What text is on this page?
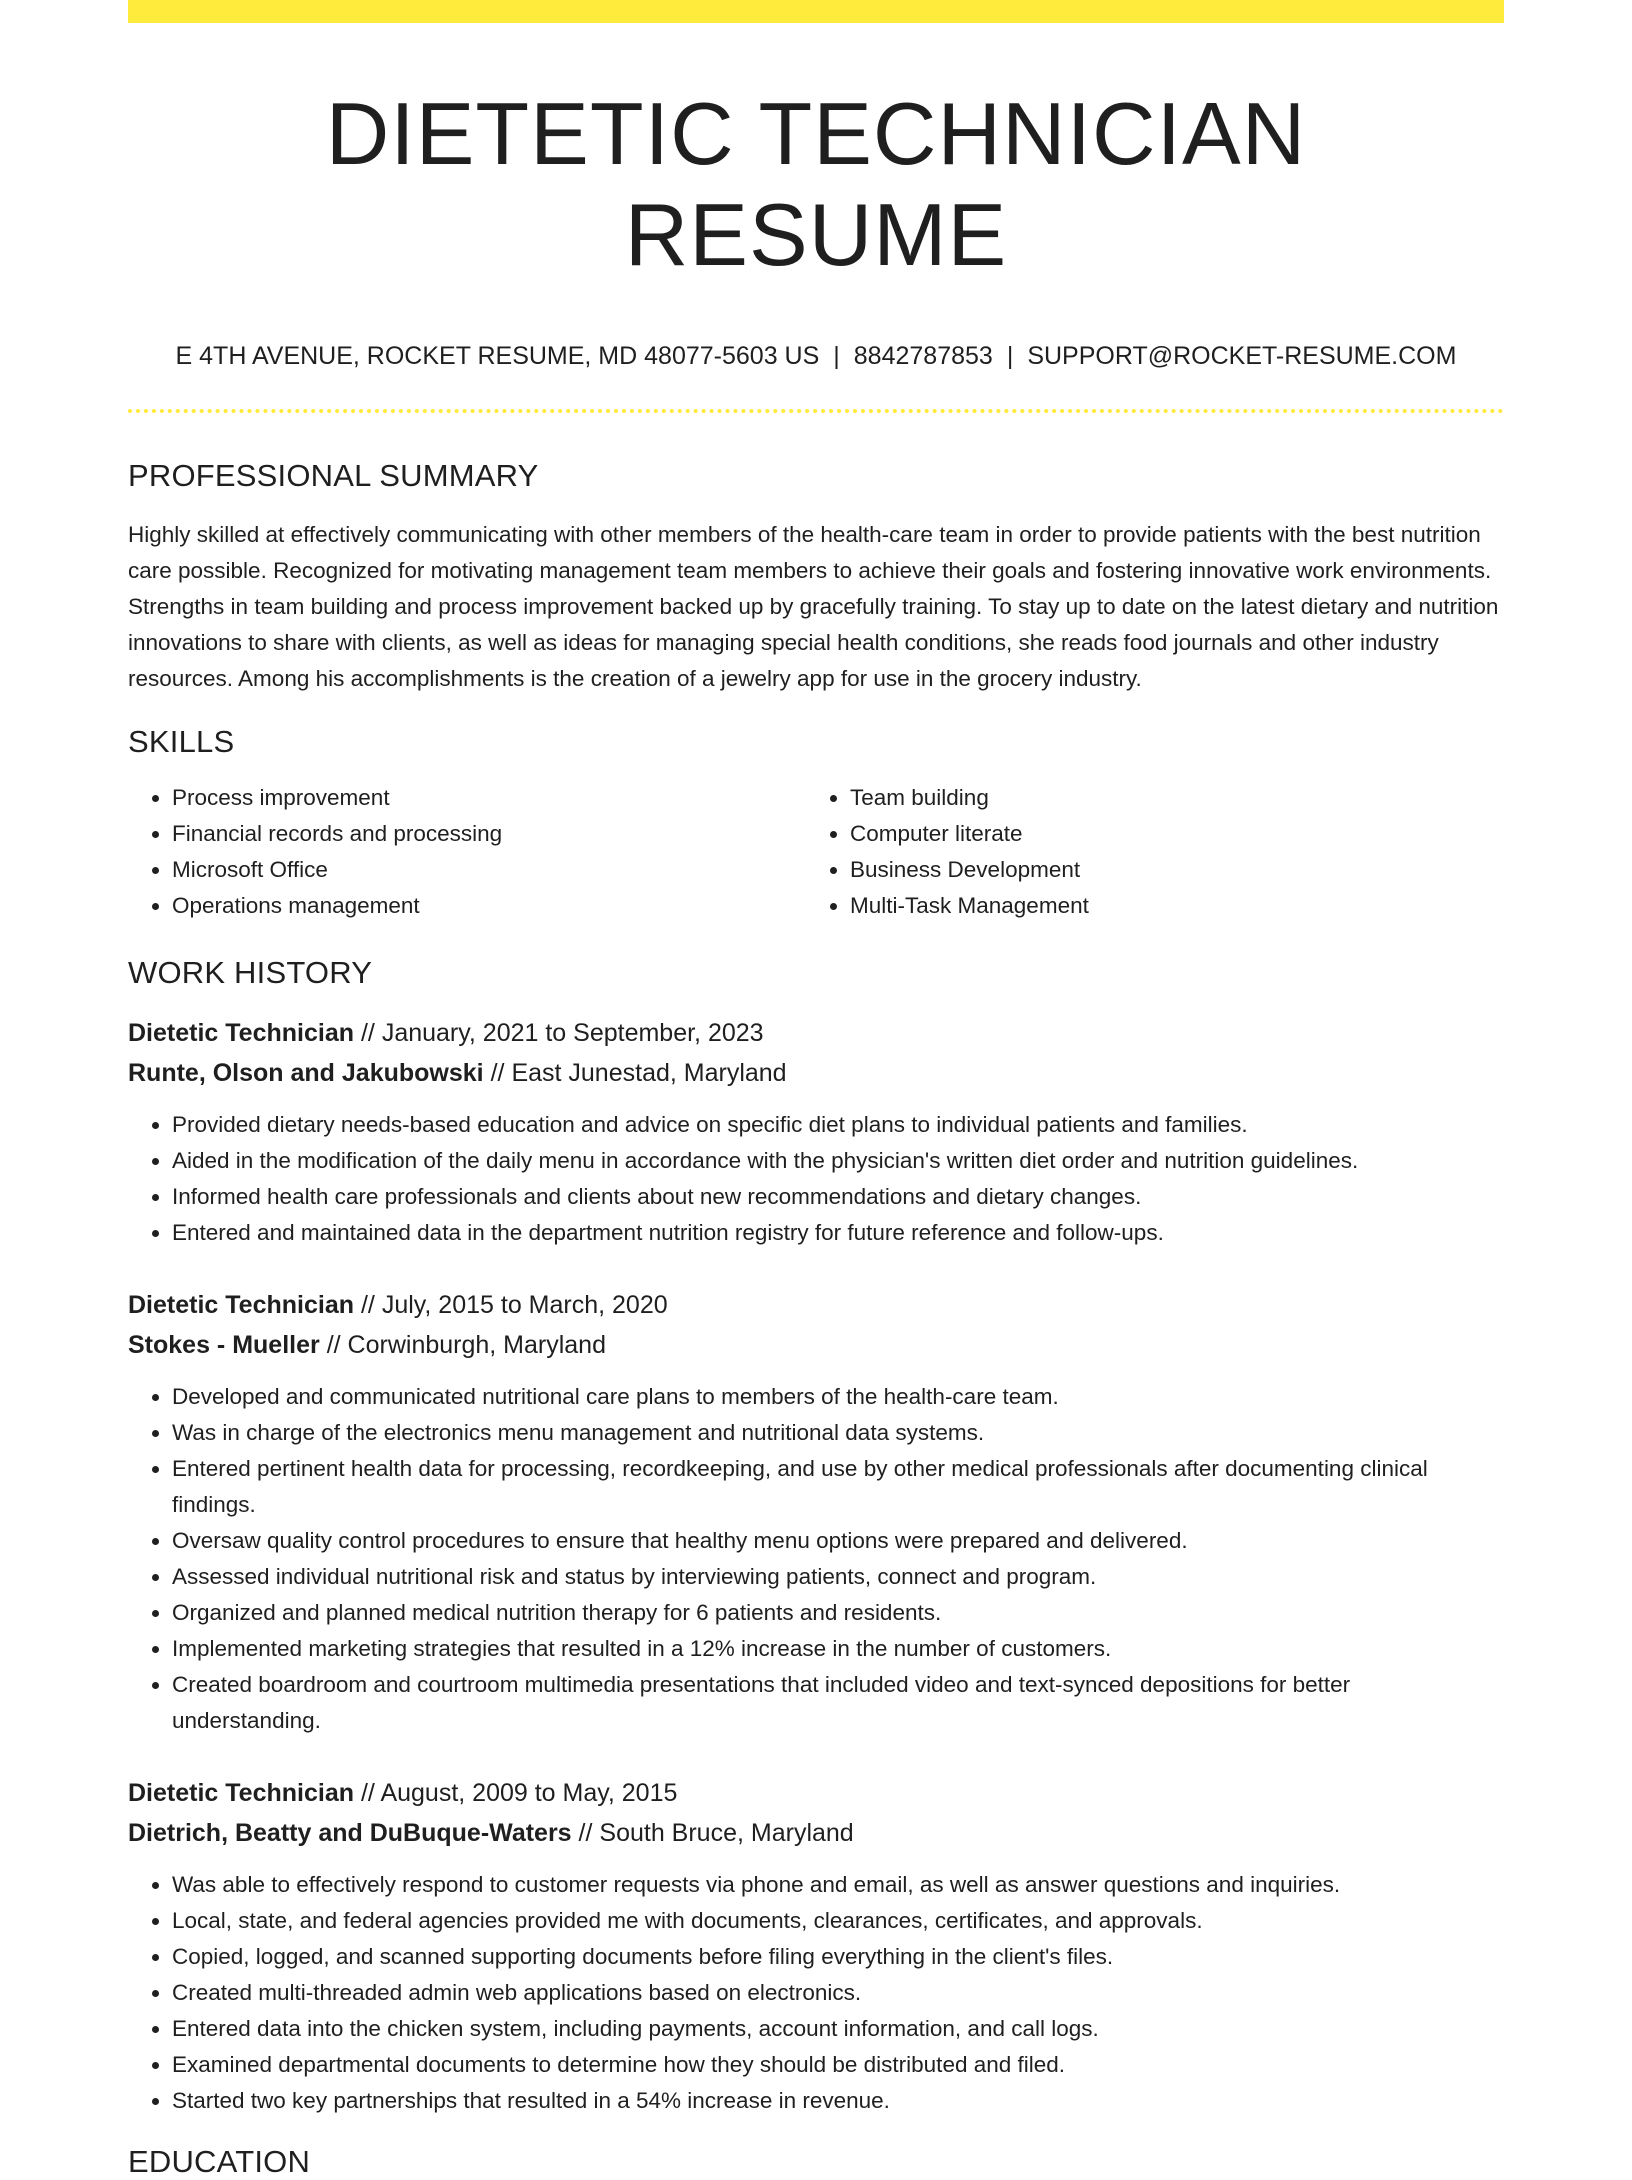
DIETETIC TECHNICIAN RESUME
E 4TH AVENUE, ROCKET RESUME, MD 48077-5603 US | 8842787853 | SUPPORT@ROCKET-RESUME.COM
PROFESSIONAL SUMMARY

Highly skilled at effectively communicating with other members of the health-care team in order to provide patients with the best nutrition care possible. Recognized for motivating management team members to achieve their goals and fostering innovative work environments. Strengths in team building and process improvement backed up by gracefully training. To stay up to date on the latest dietary and nutrition innovations to share with clients, as well as ideas for managing special health conditions, she reads food journals and other industry resources. Among his accomplishments is the creation of a jewelry app for use in the grocery industry.

SKILLS
• Process improvement
• Financial records and processing
• Microsoft Office
• Operations management
• Team building
• Computer literate
• Business Development
• Multi-Task Management
WORK HISTORY
Dietetic Technician // January, 2021 to September, 2023
Runte, Olson and Jakubowski // East Junestad, Maryland
• Provided dietary needs-based education and advice on specific diet plans to individual patients and families.
• Aided in the modification of the daily menu in accordance with the physician's written diet order and nutrition guidelines.
• Informed health care professionals and clients about new recommendations and dietary changes.
• Entered and maintained data in the department nutrition registry for future reference and follow-ups.
Dietetic Technician // July, 2015 to March, 2020
Stokes - Mueller // Corwinburgh, Maryland
• Developed and communicated nutritional care plans to members of the health-care team.
• Was in charge of the electronics menu management and nutritional data systems.
• Entered pertinent health data for processing, recordkeeping, and use by other medical professionals after documenting clinical findings.
• Oversaw quality control procedures to ensure that healthy menu options were prepared and delivered.
• Assessed individual nutritional risk and status by interviewing patients, connect and program.
• Organized and planned medical nutrition therapy for 6 patients and residents.
• Implemented marketing strategies that resulted in a 12% increase in the number of customers.
• Created boardroom and courtroom multimedia presentations that included video and text-synced depositions for better understanding.
Dietetic Technician // August, 2009 to May, 2015
Dietrich, Beatty and DuBuque-Waters // South Bruce, Maryland
• Was able to effectively respond to customer requests via phone and email, as well as answer questions and inquiries.
• Local, state, and federal agencies provided me with documents, clearances, certificates, and approvals.
• Copied, logged, and scanned supporting documents before filing everything in the client's files.
• Created multi-threaded admin web applications based on electronics.
• Entered data into the chicken system, including payments, account information, and call logs.
• Examined departmental documents to determine how they should be distributed and filed.
• Started two key partnerships that resulted in a 54% increase in revenue.
EDUCATION
